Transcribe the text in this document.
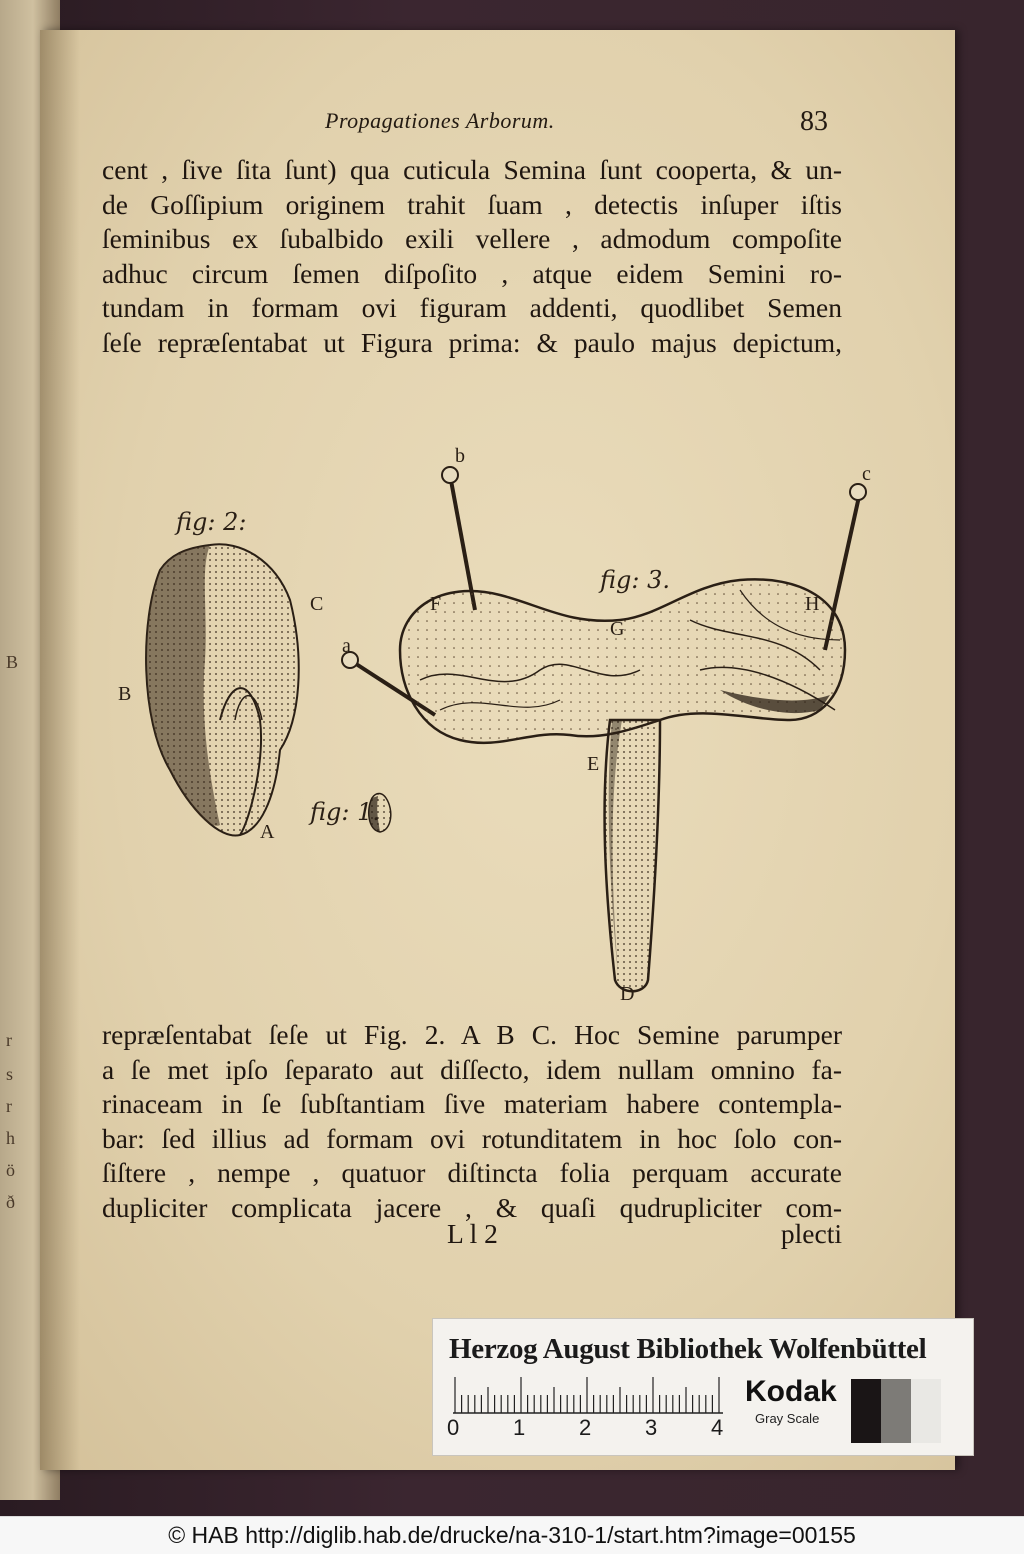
B
r
s
r
h
ö
ð
Propagationes Arborum.	83
cent , ſive ſita ſunt) qua cuticula Semina ſunt cooperta, & un-
de Goſſipium originem trahit ſuam , detectis inſuper iſtis
ſeminibus ex ſubalbido exili vellere , admodum compoſite
adhuc circum ſemen diſpoſito , atque eidem Semini ro-
tundam in formam ovi figuram addenti, quodlibet Semen
ſeſe repræſentabat ut Figura prima: & paulo majus depictum,
fig: 2:
A
B
C
fig: 1.
fig: 3.
a
b
c
D
E
F
G
H
repræſentabat ſeſe ut Fig. 2. A B C. Hoc Semine parumper
a ſe met ipſo ſeparato aut diſſecto, idem nullam omnino fa-
rinaceam in ſe ſubſtantiam ſive materiam habere contempla-
bar: ſed illius ad formam ovi rotunditatem in hoc ſolo con-
ſiſtere , nempe , quatuor diſtincta folia perquam accurate
dupliciter complicata jacere , & quaſi qudrupliciter com-
L l 2	plecti
Herzog August Bibliothek Wolfenbüttel
0 1 2 3 4
Kodak
Gray Scale
© HAB http://diglib.hab.de/drucke/na-310-1/start.htm?image=00155
